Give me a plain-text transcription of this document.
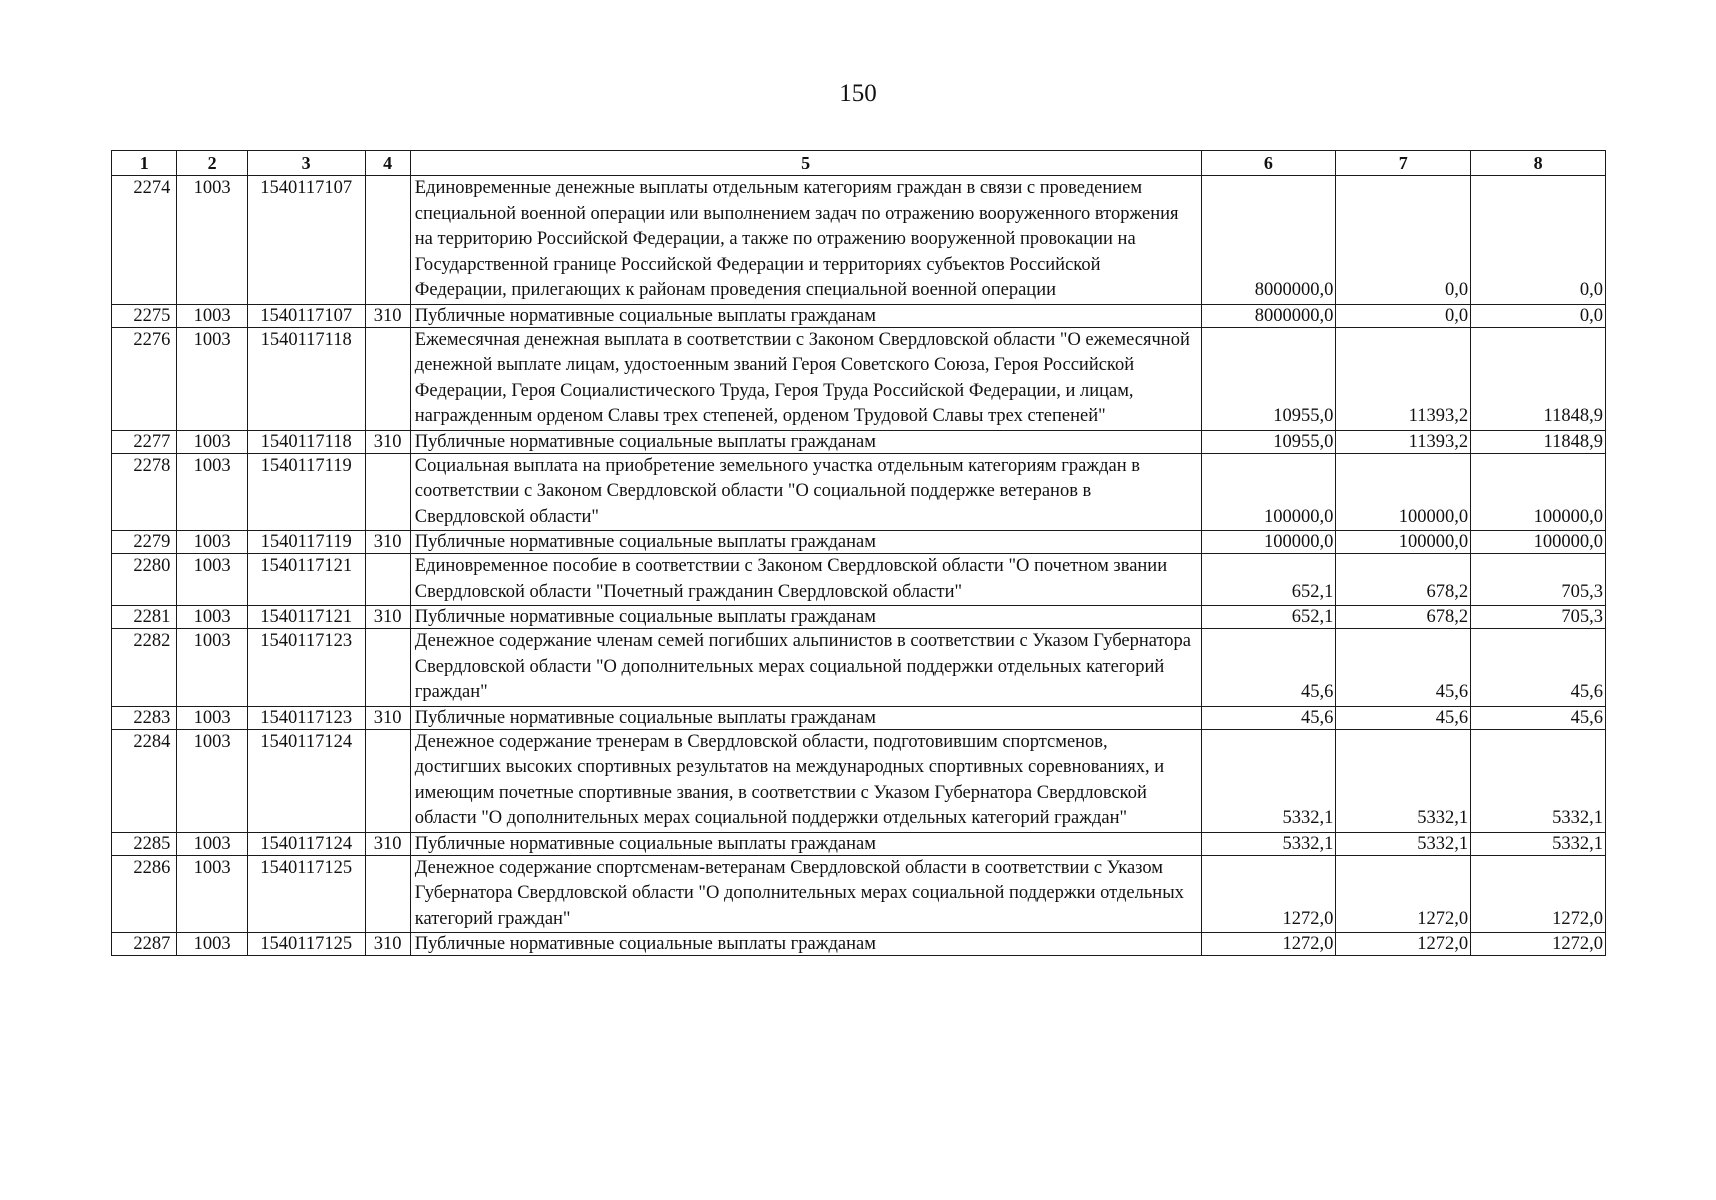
150
1	2	3	4	5	6	7	8
2274	1003	1540117107		Единовременные денежные выплаты отдельным категориям граждан в связи с проведением специальной военной операции или выполнением задач по отражению вооруженного вторжения на территорию Российской Федерации, а также по отражению вооруженной провокации на Государственной границе Российской Федерации и территориях субъектов Российской Федерации, прилегающих к районам проведения специальной военной операции	8000000,0	0,0	0,0
2275	1003	1540117107	310	Публичные нормативные социальные выплаты гражданам	8000000,0	0,0	0,0
2276	1003	1540117118		Ежемесячная денежная выплата в соответствии с Законом Свердловской области "О ежемесячной денежной выплате лицам, удостоенным званий Героя Советского Союза, Героя Российской Федерации, Героя Социалистического Труда, Героя Труда Российской Федерации, и лицам, награжденным орденом Славы трех степеней, орденом Трудовой Славы трех степеней"	10955,0	11393,2	11848,9
2277	1003	1540117118	310	Публичные нормативные социальные выплаты гражданам	10955,0	11393,2	11848,9
2278	1003	1540117119		Социальная выплата на приобретение земельного участка отдельным категориям граждан в соответствии с Законом Свердловской области "О социальной поддержке ветеранов в Свердловской области"	100000,0	100000,0	100000,0
2279	1003	1540117119	310	Публичные нормативные социальные выплаты гражданам	100000,0	100000,0	100000,0
2280	1003	1540117121		Единовременное пособие в соответствии с Законом Свердловской области "О почетном звании Свердловской области "Почетный гражданин Свердловской области"	652,1	678,2	705,3
2281	1003	1540117121	310	Публичные нормативные социальные выплаты гражданам	652,1	678,2	705,3
2282	1003	1540117123		Денежное содержание членам семей погибших альпинистов в соответствии с Указом Губернатора Свердловской области "О дополнительных мерах социальной поддержки отдельных категорий граждан"	45,6	45,6	45,6
2283	1003	1540117123	310	Публичные нормативные социальные выплаты гражданам	45,6	45,6	45,6
2284	1003	1540117124		Денежное содержание тренерам в Свердловской области, подготовившим спортсменов, достигших высоких спортивных результатов на международных спортивных соревнованиях, и имеющим почетные спортивные звания, в соответствии с Указом Губернатора Свердловской области "О дополнительных мерах социальной поддержки отдельных категорий граждан"	5332,1	5332,1	5332,1
2285	1003	1540117124	310	Публичные нормативные социальные выплаты гражданам	5332,1	5332,1	5332,1
2286	1003	1540117125		Денежное содержание спортсменам-ветеранам Свердловской области в соответствии с Указом Губернатора Свердловской области "О дополнительных мерах социальной поддержки отдельных категорий граждан"	1272,0	1272,0	1272,0
2287	1003	1540117125	310	Публичные нормативные социальные выплаты гражданам	1272,0	1272,0	1272,0
